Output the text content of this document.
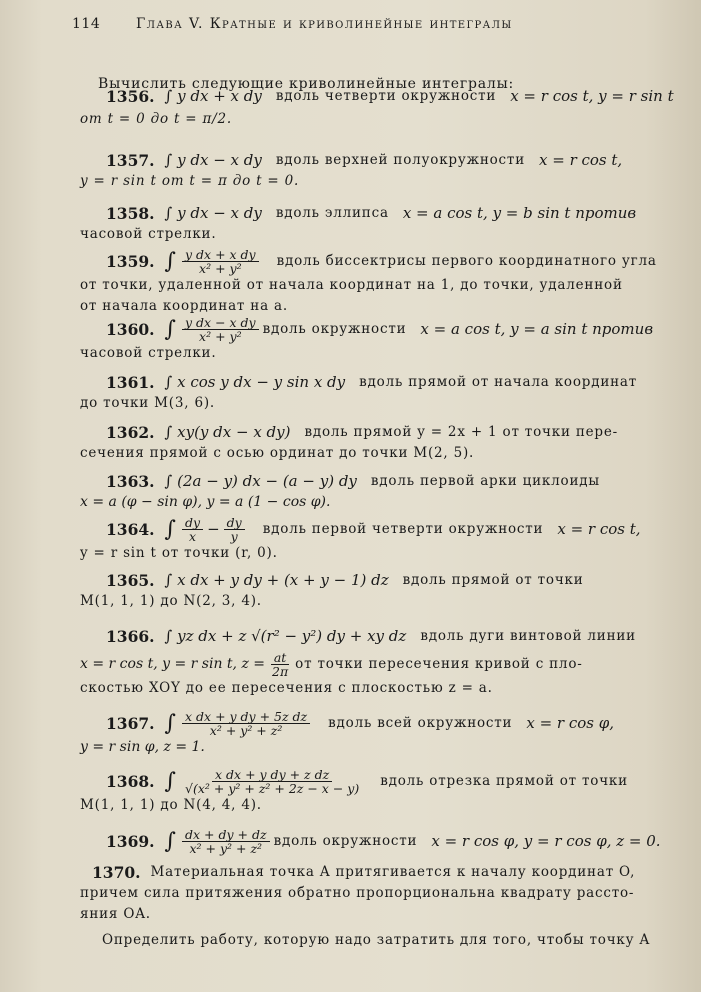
114	Глава V. Кратные и криволинейные интегралы
Вычислить следующие криволинейные интегралы:
1356. ∫ y dx + x dy вдоль четверти окружности x = r cos t, y = r sin t
от t = 0 до t = π/2.
1357. ∫ y dx − x dy вдоль верхней полуокружности x = r cos t,
y = r sin t от t = π до t = 0.
1358. ∫ y dx − x dy вдоль эллипса x = a cos t, y = b sin t против
часовой стрелки.
1359. ∫ $\frac{\text{y dx + x dy}}{\text{x² + y²}}$ вдоль биссектрисы первого координатного угла
от точки, удаленной от начала координат на 1, до точки, удаленной
от начала координат на a.
1360. ∫ $\frac{\text{y dx − x dy}}{\text{x² + y²}}$ вдоль окружности x = a cos t, y = a sin t против
часовой стрелки.
1361. ∫ x cos y dx − y sin x dy вдоль прямой от начала координат
до точки M(3, 6).
1362. ∫ xy(y dx − x dy) вдоль прямой y = 2x + 1 от точки пере-
сечения прямой с осью ординат до точки M(2, 5).
1363. ∫ (2a − y) dx − (a − y) dy вдоль первой арки циклоиды
x = a (φ − sin φ), y = a (1 − cos φ).
1364. ∫ $\frac{dy}{x} - \frac{dy}{y}$ вдоль первой четверти окружности x = r cos t,
y = r sin t от точки (r, 0).
1365. ∫ x dx + y dy + (x + y − 1) dz вдоль прямой от точки
M(1, 1, 1) до N(2, 3, 4).
1366. ∫ yz dx + z √(r² − y²) dy + xy dz вдоль дуги винтовой линии
x = r cos t, y = r sin t, $z = \frac{at}{2\pi}$ от точки пересечения кривой с пло-
скостью XOY до ее пересечения с плоскостью z = a.
1367. ∫ $\frac{\text{x dx + y dy + 5z dz}}{\text{x² + y² + z²}}$ вдоль всей окружности x = r cos φ,
y = r sin φ, z = 1.
1368. ∫ $\frac{\text{x dx + y dy + z dz}}{\text{√(x² + y² + z² + 2z − x − y)}}$ вдоль отрезка прямой от точки
M(1, 1, 1) до N(4, 4, 4).
1369. ∫ $\frac{dx + dy + dz}{\text{x² + y² + z²}}$ вдоль окружности x = r cos φ, y = r cos φ, z = 0.
1370. Материальная точка A притягивается к началу координат O,
причем сила притяжения обратно пропорциональна квадрату рассто-
яния OA.
Определить работу, которую надо затратить для того, чтобы точку A
